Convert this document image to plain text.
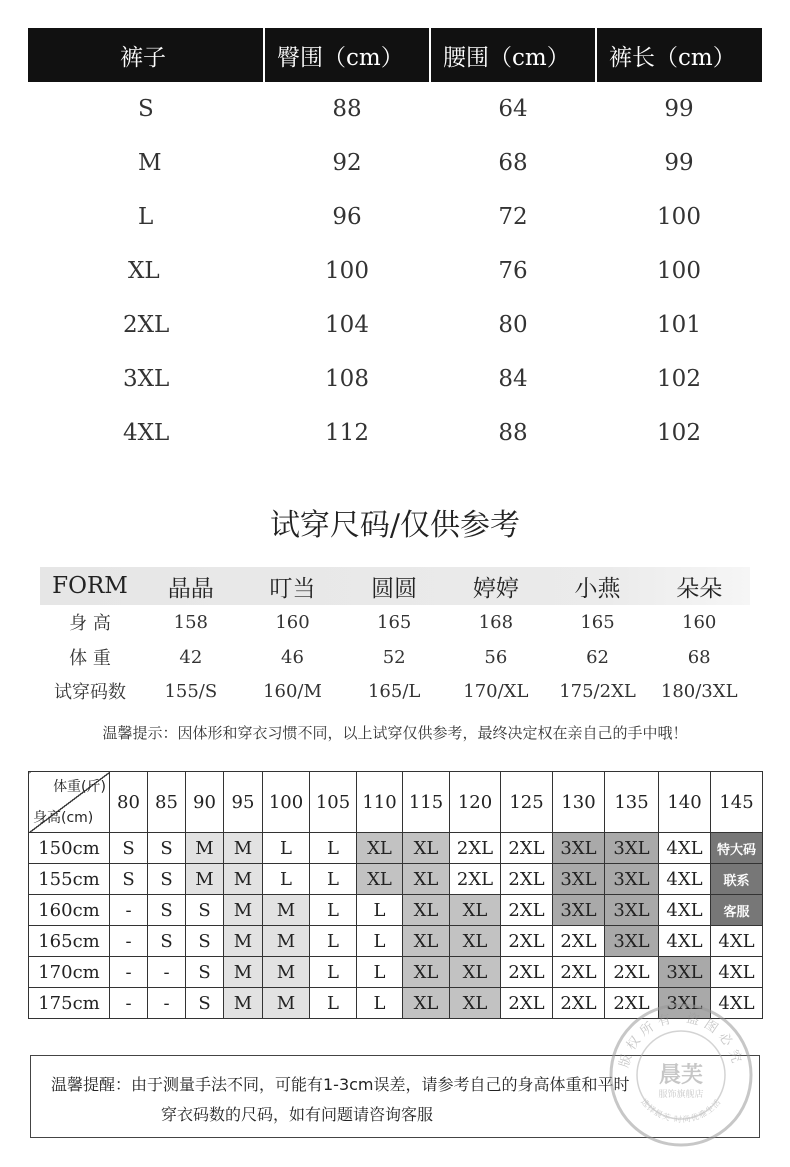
裤子	臀围（cm）	腰围（cm）	裤长（cm）
S	88	64	99
M	92	68	99
L	96	72	100
XL	100	76	100
2XL	104	80	101
3XL	108	84	102
4XL	112	88	102
试穿尺码/仅供参考
FORM	晶晶	叮当	圆圆	婷婷	小燕	朵朵
身 高	158	160	165	168	165	160
体 重	42	46	52	56	62	68
试穿码数	155/S	160/M	165/L	170/XL	175/2XL	180/3XL
温馨提示：因体形和穿衣习惯不同，以上试穿仅供参考，最终决定权在亲自己的手中哦！
体重(斤)
身高(cm)	80	85	90	95	100	105	110	115	120	125	130	135	140	145
150cm	S	S	M	M	L	L	XL	XL	2XL	2XL	3XL	3XL	4XL	特大码
155cm	S	S	M	M	L	L	XL	XL	2XL	2XL	3XL	3XL	4XL	联系
160cm	-	S	S	M	M	L	L	XL	XL	2XL	3XL	3XL	4XL	客服
165cm	-	S	S	M	M	L	L	XL	XL	2XL	2XL	3XL	4XL	4XL
170cm	-	-	S	M	M	L	L	XL	XL	2XL	2XL	2XL	3XL	4XL
175cm	-	-	S	M	M	L	L	XL	XL	2XL	2XL	2XL	3XL	4XL
温馨提醒：由于测量手法不同，可能有1-3cm误差，请参考自己的身高体重和平时
穿衣码数的尺码，如有问题请咨询客服
版权所有 盗图必究
选择晨芙 时尚优雅生活
晨芙
服饰旗舰店
